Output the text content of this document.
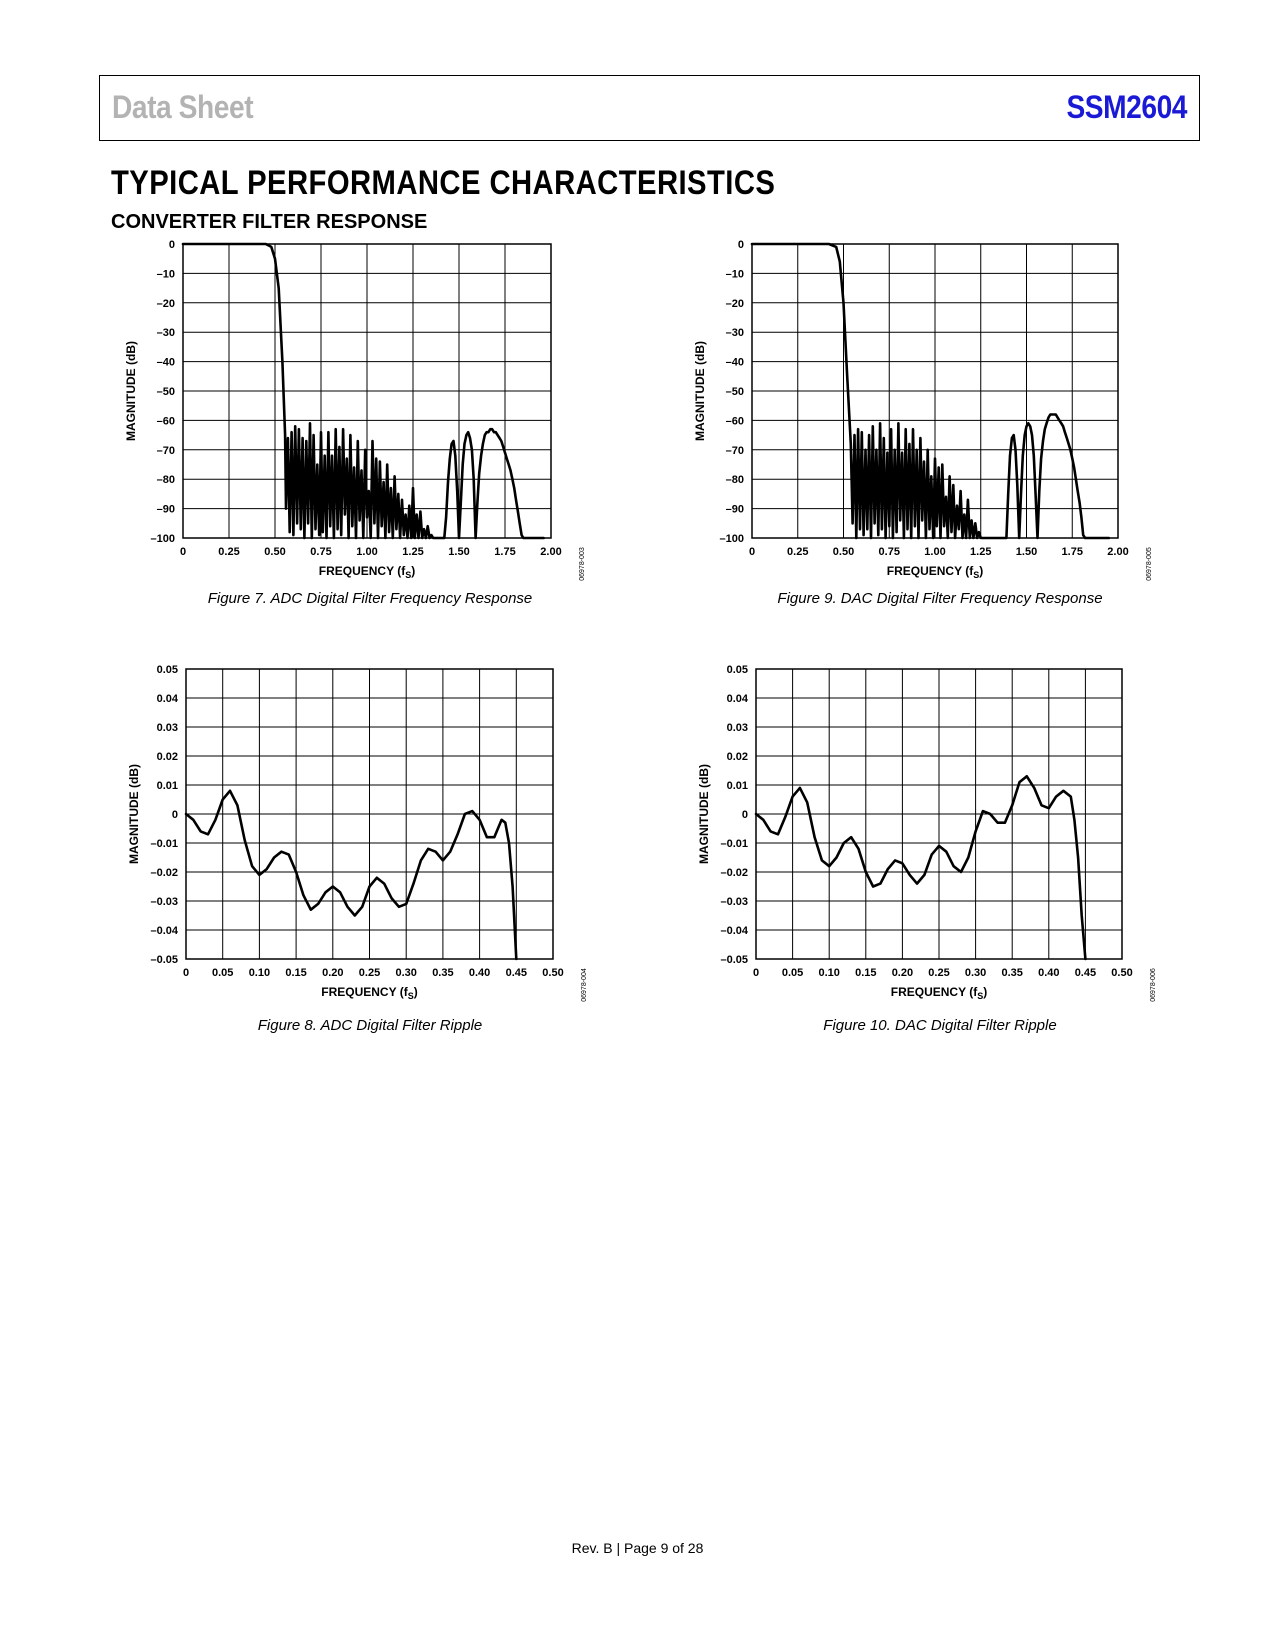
Data Sheet	SSM2604
TYPICAL PERFORMANCE CHARACTERISTICS
CONVERTER FILTER RESPONSE
0
–10
–20
–30
–40
–50
–60
–70
–80
–90
–100
0	0.25 0.50 0.75 1.00 1.25 1.50 1.75 2.00
FREQUENCY $(f_S)$
MAGNITUDE (dB)
06978-003
0
–10
–20
–30
–40
–50
–60
–70
–80
–90
–100
0	0.25 0.50 0.75 1.00 1.25 1.50 1.75 2.00
FREQUENCY $(f_S)$
MAGNITUDE (dB)
06978-005
0.05
0.04
0.03
0.02
0.01
0
–0.01
–0.02
–0.03
–0.04
–0.05
0 0.05 0.10 0.15 0.20 0.25 0.30 0.35 0.40 0.45 0.50
FREQUENCY $(f_S)$
MAGNITUDE (dB)
06978-004
0.05
0.04
0.03
0.02
0.01
0
–0.01
–0.02
–0.03
–0.04
–0.05
0 0.05 0.10 0.15 0.20 0.25 0.30 0.35 0.40 0.45 0.50
FREQUENCY $(f_S)$
MAGNITUDE (dB)
06978-006
Figure 7. ADC Digital Filter Frequency Response	Figure 9. DAC Digital Filter Frequency Response
Figure 8. ADC Digital Filter Ripple	Figure 10. DAC Digital Filter Ripple
Rev. B | Page 9 of 28
